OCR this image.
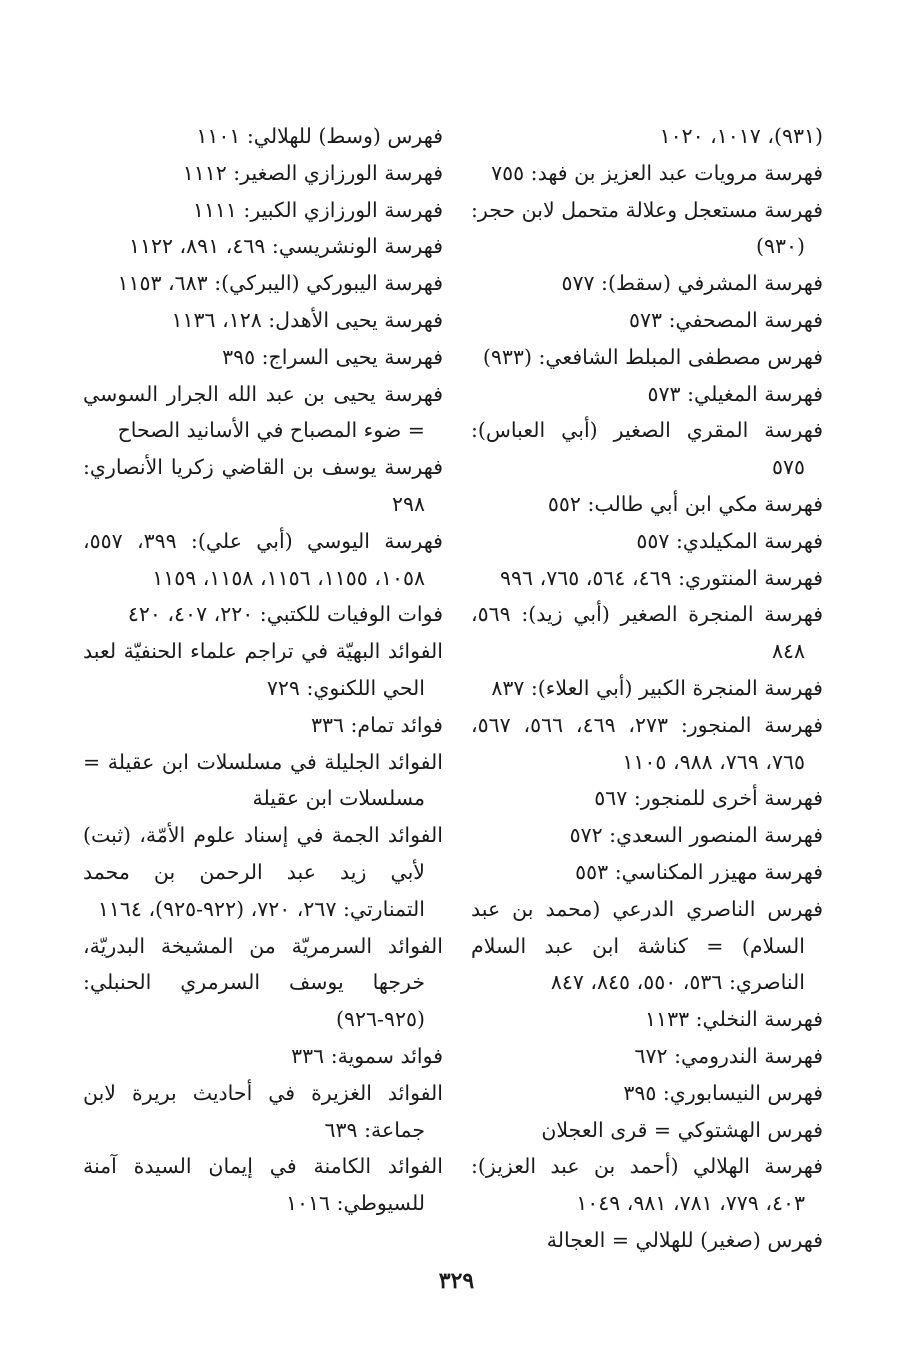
(٩٣١)، ١٠١٧، ١٠٢٠
فهرسة مرويات عبد العزيز بن فهد: ٧٥٥
فهرسة مستعجل وعلالة متحمل لابن حجر: (٩٣٠)
فهرسة المشرفي (سقط): ٥٧٧
فهرسة المصحفي: ٥٧٣
فهرس مصطفى المبلط الشافعي: (٩٣٣)
فهرسة المغيلي: ٥٧٣
فهرسة المقري الصغير (أبي العباس): ٥٧٥
فهرسة مكي ابن أبي طالب: ٥٥٢
فهرسة المكيلدي: ٥٥٧
فهرسة المنتوري: ٤٦٩، ٥٦٤، ٧٦٥، ٩٩٦
فهرسة المنجرة الصغير (أبي زيد): ٥٦٩، ٨٤٨
فهرسة المنجرة الكبير (أبي العلاء): ٨٣٧
فهرسة المنجور: ٢٧٣، ٤٦٩، ٥٦٦، ٥٦٧، ٧٦٥، ٧٦٩، ٩٨٨، ١١٠٥
فهرسة أخرى للمنجور: ٥٦٧
فهرسة المنصور السعدي: ٥٧٢
فهرسة مهيزر المكناسي: ٥٥٣
فهرس الناصري الدرعي (محمد بن عبد السلام) = كناشة ابن عبد السلام الناصري: ٥٣٦، ٥٥٠، ٨٤٥، ٨٤٧
فهرسة النخلي: ١١٣٣
فهرسة الندرومي: ٦٧٢
فهرس النيسابوري: ٣٩٥
فهرس الهشتوكي = قرى العجلان
فهرسة الهلالي (أحمد بن عبد العزيز): ٤٠٣، ٧٧٩، ٧٨١، ٩٨١، ١٠٤٩
فهرس (صغير) للهلالي = العجالة
فهرس (وسط) للهلالي: ١١٠١
فهرسة الورزازي الصغير: ١١١٢
فهرسة الورزازي الكبير: ١١١١
فهرسة الونشريسي: ٤٦٩، ٨٩١، ١١٢٢
فهرسة اليبوركي (اليبركي): ٦٨٣، ١١٥٣
فهرسة يحيى الأهدل: ١٢٨، ١١٣٦
فهرسة يحيى السراج: ٣٩٥
فهرسة يحيى بن عبد الله الجرار السوسي = ضوء المصباح في الأسانيد الصحاح
فهرسة يوسف بن القاضي زكريا الأنصاري: ٢٩٨
فهرسة اليوسي (أبي علي): ٣٩٩، ٥٥٧، ١٠٥٨، ١١٥٥، ١١٥٦، ١١٥٨، ١١٥٩
فوات الوفيات للكتبي: ٢٢٠، ٤٠٧، ٤٢٠
الفوائد البهيّة في تراجم علماء الحنفيّة لعبد الحي اللكنوي: ٧٢٩
فوائد تمام: ٣٣٦
الفوائد الجليلة في مسلسلات ابن عقيلة = مسلسلات ابن عقيلة
الفوائد الجمة في إسناد علوم الأمّة، (ثبت) لأبي زيد عبد الرحمن بن محمد التمنارتي: ٢٦٧، ٧٢٠، (٩٢٢-٩٢٥)، ١١٦٤
الفوائد السرمريّة من المشيخة البدريّة، خرجها يوسف السرمري الحنبلي: (٩٢٥-٩٢٦)
فوائد سموية: ٣٣٦
الفوائد الغزيرة في أحاديث بريرة لابن جماعة: ٦٣٩
الفوائد الكامنة في إيمان السيدة آمنة للسيوطي: ١٠١٦
٣٢٩
